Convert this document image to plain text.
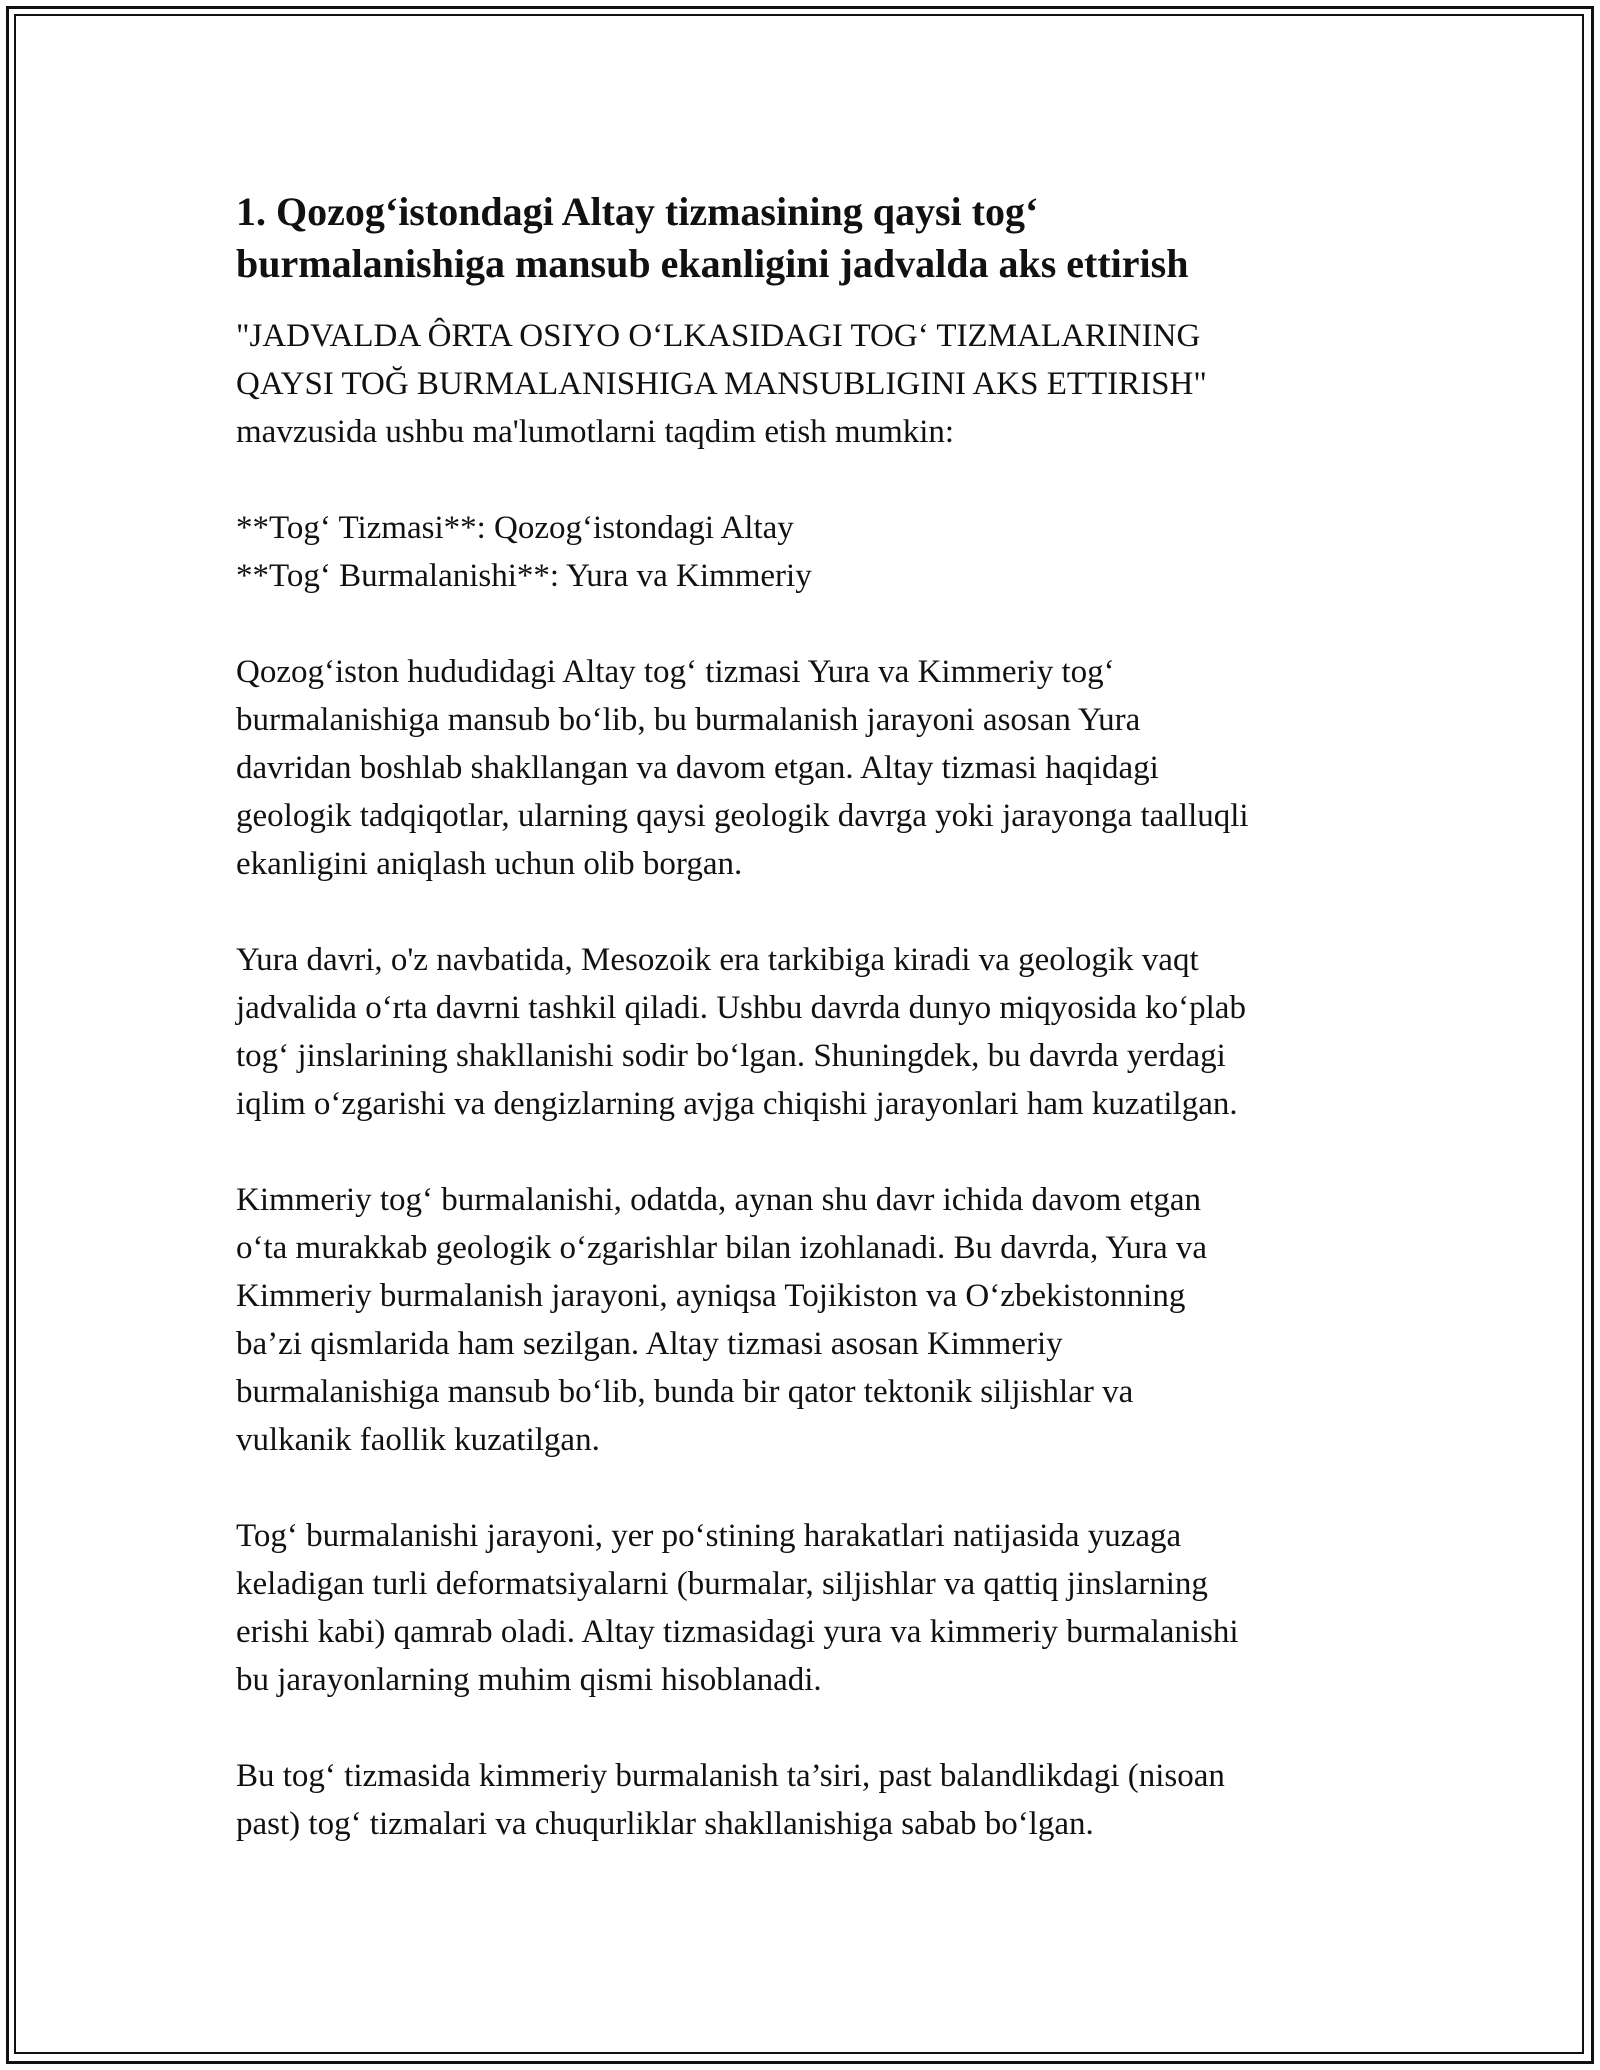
1. Qozog‘istondagi Altay tizmasining qaysi tog‘
burmalanishiga mansub ekanligini jadvalda aks ettirish

"JADVALDA ÔRTA OSIYO O‘LKASIDAGI TOG‘ TIZMALARINING
QAYSI TOĞ BURMALANISHIGA MANSUBLIGINI AKS ETTIRISH"
mavzusida ushbu ma'lumotlarni taqdim etish mumkin:

**Tog‘ Tizmasi**: Qozog‘istondagi Altay
**Tog‘ Burmalanishi**: Yura va Kimmeriy

Qozog‘iston hududidagi Altay tog‘ tizmasi Yura va Kimmeriy tog‘
burmalanishiga mansub bo‘lib, bu burmalanish jarayoni asosan Yura
davridan boshlab shakllangan va davom etgan. Altay tizmasi haqidagi
geologik tadqiqotlar, ularning qaysi geologik davrga yoki jarayonga taalluqli
ekanligini aniqlash uchun olib borgan.

Yura davri, o'z navbatida, Mesozoik era tarkibiga kiradi va geologik vaqt
jadvalida o‘rta davrni tashkil qiladi. Ushbu davrda dunyo miqyosida ko‘plab
tog‘ jinslarining shakllanishi sodir bo‘lgan. Shuningdek, bu davrda yerdagi
iqlim o‘zgarishi va dengizlarning avjga chiqishi jarayonlari ham kuzatilgan.

Kimmeriy tog‘ burmalanishi, odatda, aynan shu davr ichida davom etgan
o‘ta murakkab geologik o‘zgarishlar bilan izohlanadi. Bu davrda, Yura va
Kimmeriy burmalanish jarayoni, ayniqsa Tojikiston va O‘zbekistonning
ba’zi qismlarida ham sezilgan. Altay tizmasi asosan Kimmeriy
burmalanishiga mansub bo‘lib, bunda bir qator tektonik siljishlar va
vulkanik faollik kuzatilgan.

Tog‘ burmalanishi jarayoni, yer po‘stining harakatlari natijasida yuzaga
keladigan turli deformatsiyalarni (burmalar, siljishlar va qattiq jinslarning
erishi kabi) qamrab oladi. Altay tizmasidagi yura va kimmeriy burmalanishi
bu jarayonlarning muhim qismi hisoblanadi.

Bu tog‘ tizmasida kimmeriy burmalanish ta’siri, past balandlikdagi (nisoan
past) tog‘ tizmalari va chuqurliklar shakllanishiga sabab bo‘lgan.
